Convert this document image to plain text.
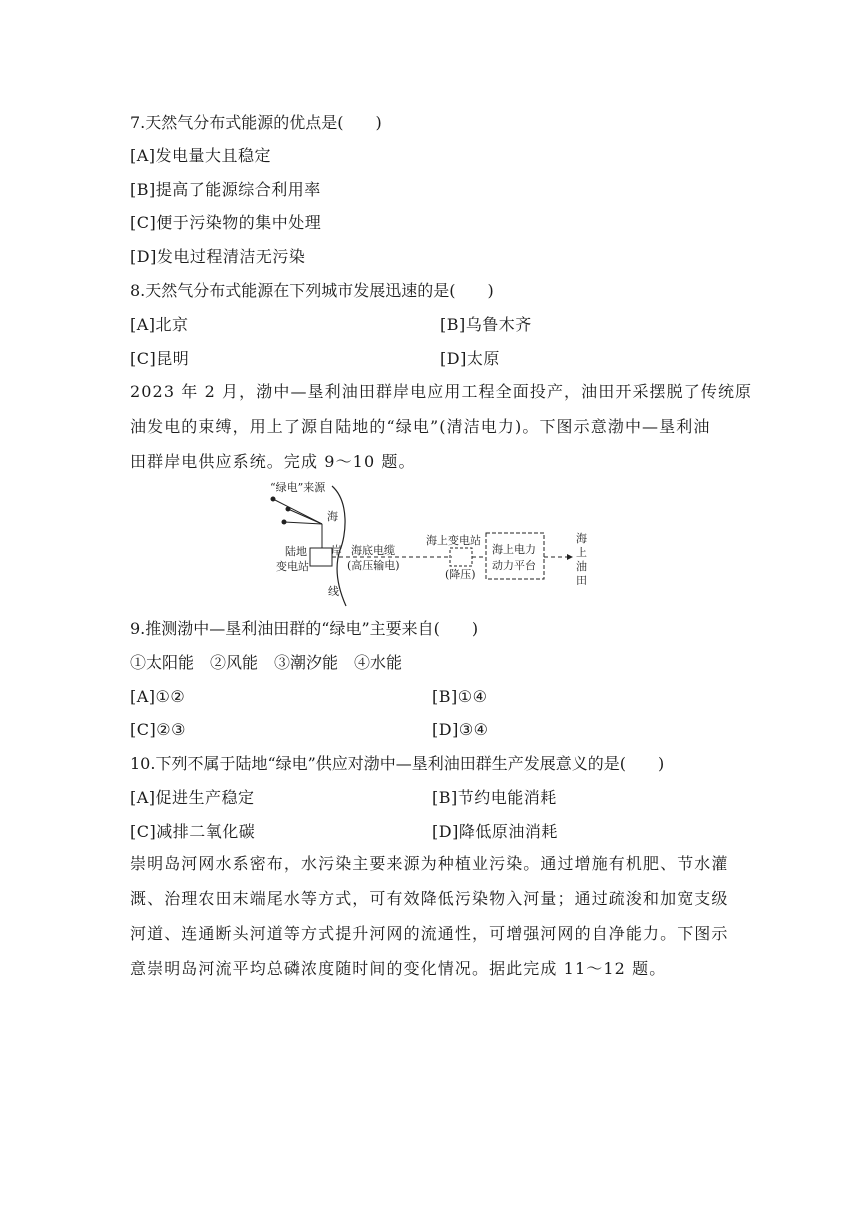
7.天然气分布式能源的优点是(　　)
[A]发电量大且稳定
[B]提高了能源综合利用率
[C]便于污染物的集中处理
[D]发电过程清洁无污染
8.天然气分布式能源在下列城市发展迅速的是(　　)
[A]北京	[B]乌鲁木齐
[C]昆明	[D]太原
2023 年 2 月，渤中—垦利油田群岸电应用工程全面投产，油田开采摆脱了传统原
油发电的束缚，用上了源自陆地的“绿电”(清洁电力)。下图示意渤中—垦利油
田群岸电供应系统。完成 9～10 题。
“绿电”来源
海
岸
线
陆地
变电站
海底电缆
(高压输电)
海上变电站
(降压)
海上电力
动力平台
海
上
油
田
9.推测渤中—垦利油田群的“绿电”主要来自(　　)
①太阳能　②风能　③潮汐能　④水能
[A]①②	[B]①④
[C]②③	[D]③④
10.下列不属于陆地“绿电”供应对渤中—垦利油田群生产发展意义的是(　　)
[A]促进生产稳定	[B]节约电能消耗
[C]减排二氧化碳	[D]降低原油消耗
崇明岛河网水系密布，水污染主要来源为种植业污染。通过增施有机肥、节水灌
溉、治理农田末端尾水等方式，可有效降低污染物入河量；通过疏浚和加宽支级
河道、连通断头河道等方式提升河网的流通性，可增强河网的自净能力。下图示
意崇明岛河流平均总磷浓度随时间的变化情况。据此完成 11～12 题。
